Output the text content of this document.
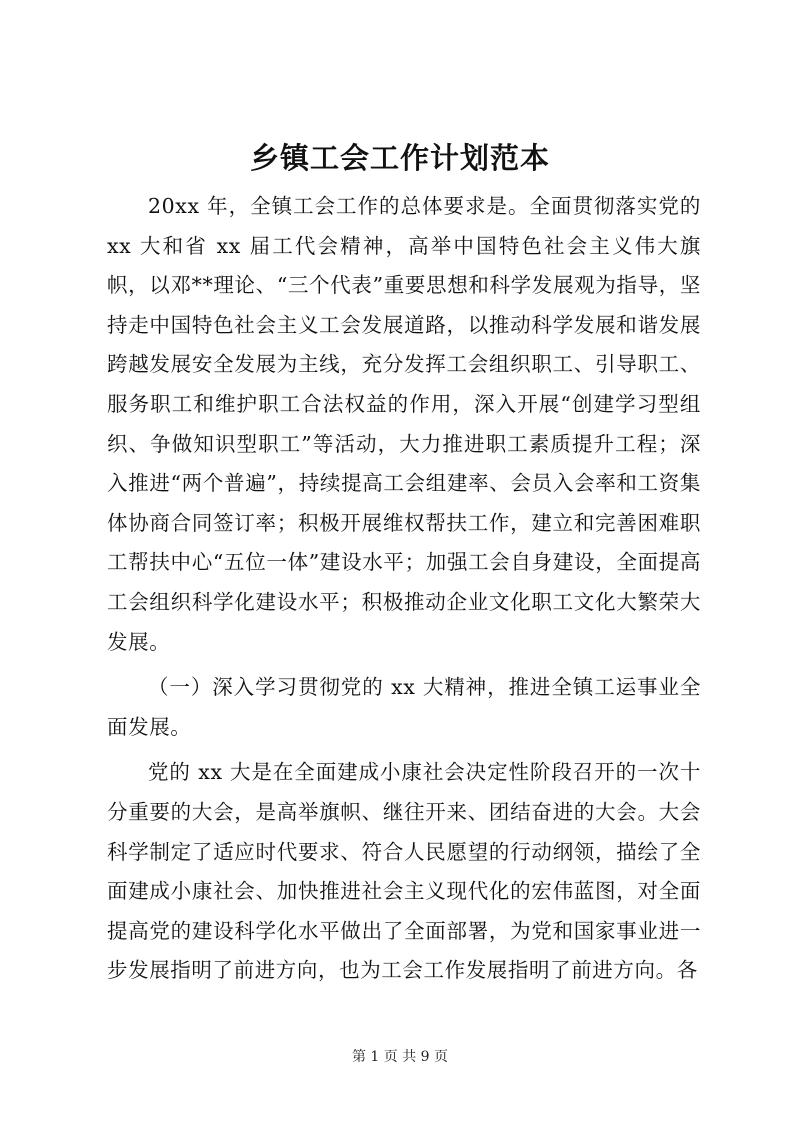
乡镇工会工作计划范本

20xx 年，全镇工会工作的总体要求是。全面贯彻落实党的 xx 大和省 xx 届工代会精神，高举中国特色社会主义伟大旗帜，以邓**理论、“三个代表”重要思想和科学发展观为指导，坚持走中国特色社会主义工会发展道路，以推动科学发展和谐发展跨越发展安全发展为主线，充分发挥工会组织职工、引导职工、服务职工和维护职工合法权益的作用，深入开展“创建学习型组织、争做知识型职工”等活动，大力推进职工素质提升工程；深入推进“两个普遍”，持续提高工会组建率、会员入会率和工资集体协商合同签订率；积极开展维权帮扶工作，建立和完善困难职工帮扶中心“五位一体”建设水平；加强工会自身建设，全面提高工会组织科学化建设水平；积极推动企业文化职工文化大繁荣大发展。

（一）深入学习贯彻党的 xx 大精神，推进全镇工运事业全面发展。

党的 xx 大是在全面建成小康社会决定性阶段召开的一次十分重要的大会，是高举旗帜、继往开来、团结奋进的大会。大会科学制定了适应时代要求、符合人民愿望的行动纲领，描绘了全面建成小康社会、加快推进社会主义现代化的宏伟蓝图，对全面提高党的建设科学化水平做出了全面部署，为党和国家事业进一步发展指明了前进方向，也为工会工作发展指明了前进方向。各

第 1 页 共 9 页
